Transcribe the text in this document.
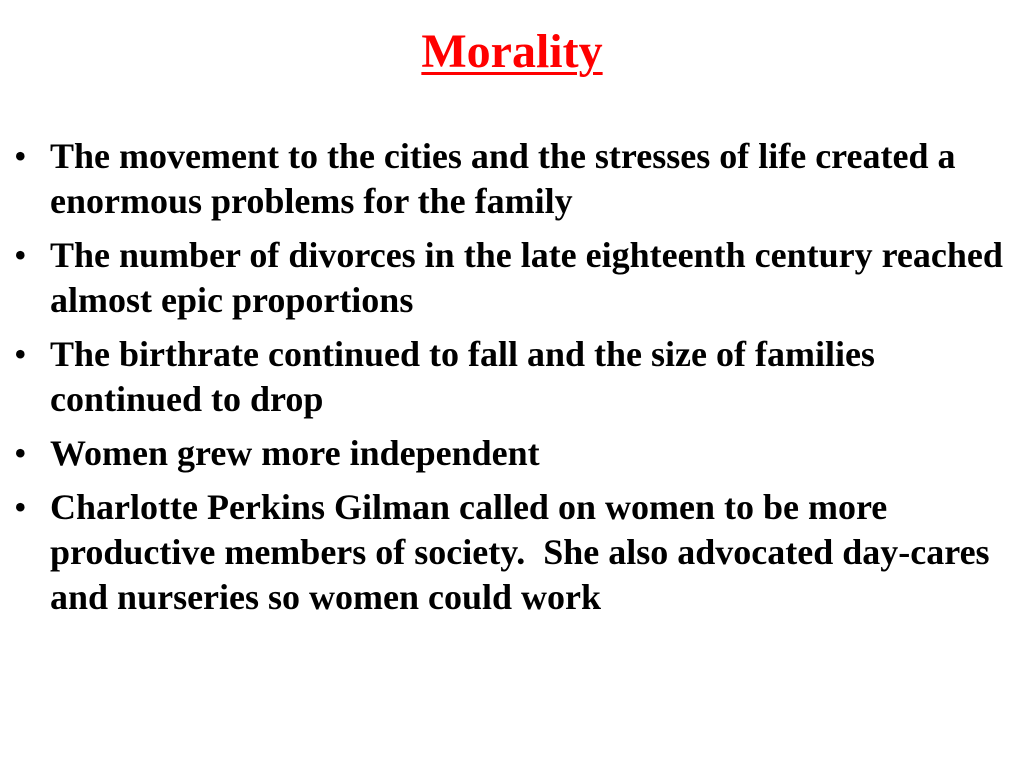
Morality
• The movement to the cities and the stresses of life created a enormous problems for the family
• The number of divorces in the late eighteenth century reached almost epic proportions
• The birthrate continued to fall and the size of families continued to drop
• Women grew more independent
• Charlotte Perkins Gilman called on women to be more productive members of society.  She also advocated day-cares and nurseries so women could work
